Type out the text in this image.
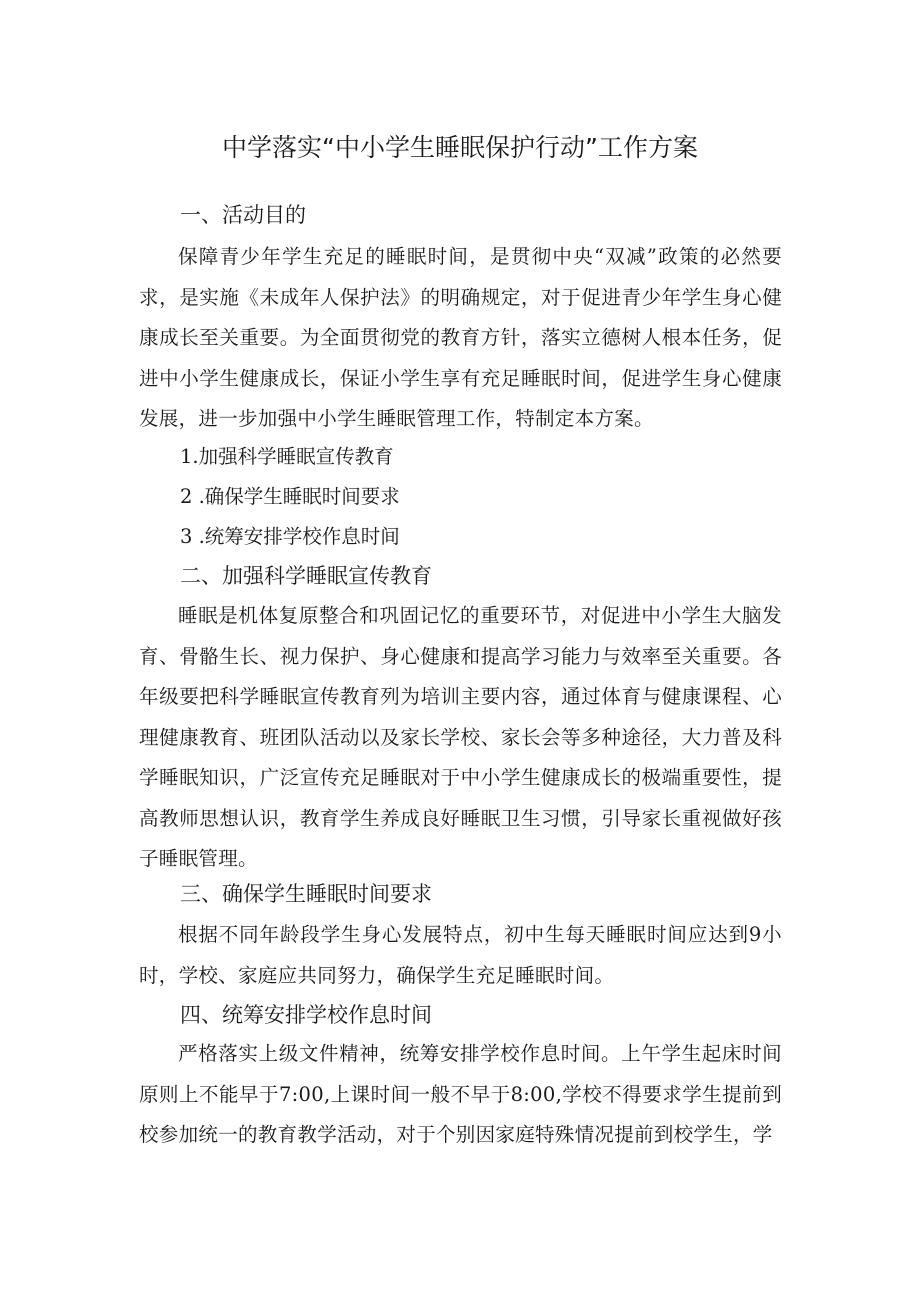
中学落实“中小学生睡眠保护行动”工作方案
一、活动目的

保障青少年学生充足的睡眠时间，是贯彻中央“双减”政策的必然要求，是实施《未成年人保护法》的明确规定，对于促进青少年学生身心健康成长至关重要。为全面贯彻党的教育方针，落实立德树人根本任务，促进中小学生健康成长，保证小学生享有充足睡眠时间，促进学生身心健康发展，进一步加强中小学生睡眠管理工作，特制定本方案。

1.加强科学睡眠宣传教育

2 .确保学生睡眠时间要求

3 .统筹安排学校作息时间

二、加强科学睡眠宣传教育

睡眠是机体复原整合和巩固记忆的重要环节，对促进中小学生大脑发育、骨骼生长、视力保护、身心健康和提高学习能力与效率至关重要。各年级要把科学睡眠宣传教育列为培训主要内容，通过体育与健康课程、心理健康教育、班团队活动以及家长学校、家长会等多种途径，大力普及科学睡眠知识，广泛宣传充足睡眠对于中小学生健康成长的极端重要性，提高教师思想认识，教育学生养成良好睡眠卫生习惯，引导家长重视做好孩子睡眠管理。

三、确保学生睡眠时间要求

根据不同年龄段学生身心发展特点，初中生每天睡眠时间应达到9小时，学校、家庭应共同努力，确保学生充足睡眠时间。

四、统筹安排学校作息时间

严格落实上级文件精神，统筹安排学校作息时间。上午学生起床时间原则上不能早于7:00,上课时间一般不早于8:00,学校不得要求学生提前到校参加统一的教育教学活动，对于个别因家庭特殊情况提前到校学生，学
